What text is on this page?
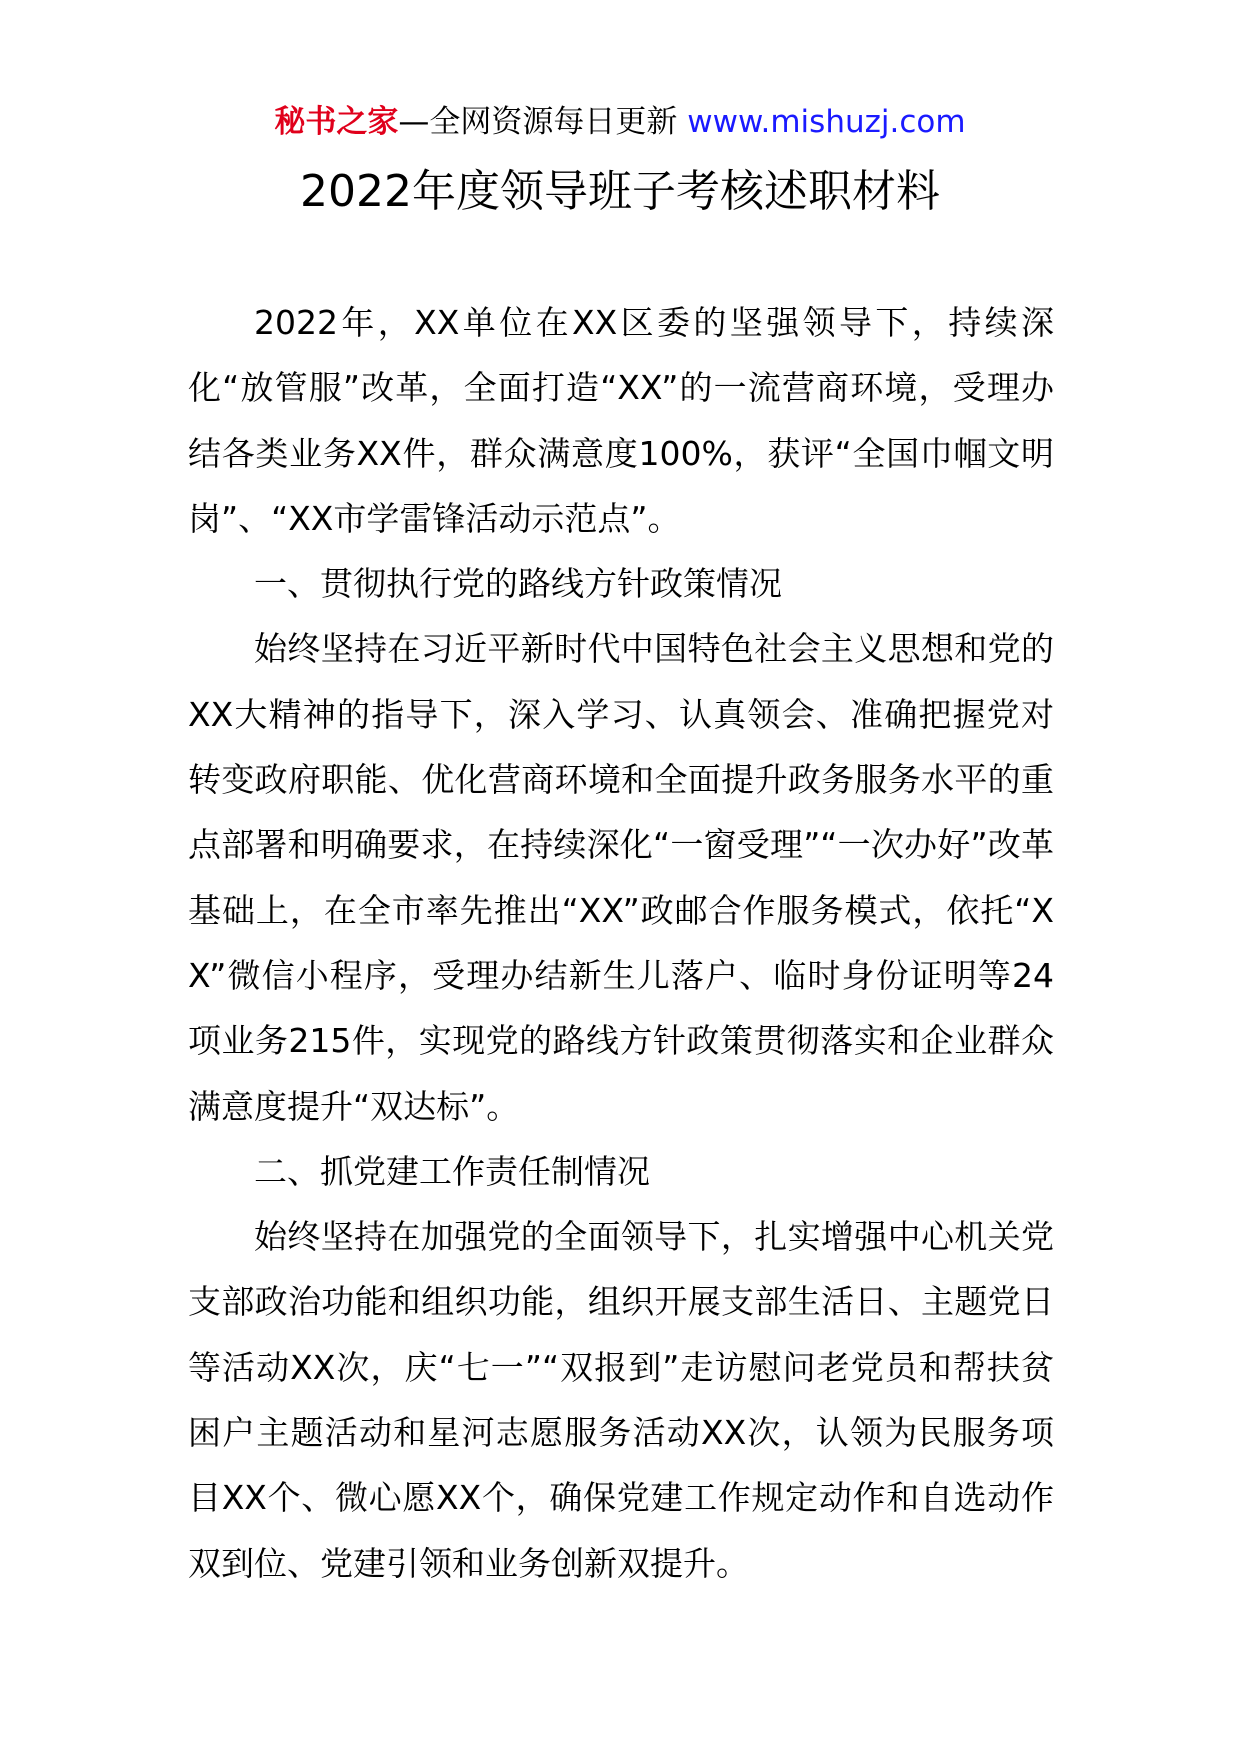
秘书之家—全网资源每日更新 www.mishuzj.com
2022年度领导班子考核述职材料

2022年，XX单位在XX区委的坚强领导下，持续深化“放管服”改革，全面打造“XX”的一流营商环境，受理办结各类业务XX件，群众满意度100%，获评“全国巾帼文明岗”、“XX市学雷锋活动示范点”。

一、贯彻执行党的路线方针政策情况

始终坚持在习近平新时代中国特色社会主义思想和党的XX大精神的指导下，深入学习、认真领会、准确把握党对转变政府职能、优化营商环境和全面提升政务服务水平的重点部署和明确要求，在持续深化“一窗受理”“一次办好”改革基础上，在全市率先推出“XX”政邮合作服务模式，依托“XX”微信小程序，受理办结新生儿落户、临时身份证明等24项业务215件，实现党的路线方针政策贯彻落实和企业群众满意度提升“双达标”。

二、抓党建工作责任制情况

始终坚持在加强党的全面领导下，扎实增强中心机关党支部政治功能和组织功能，组织开展支部生活日、主题党日等活动XX次，庆“七一”“双报到”走访慰问老党员和帮扶贫困户主题活动和星河志愿服务活动XX次，认领为民服务项目XX个、微心愿XX个，确保党建工作规定动作和自选动作双到位、党建引领和业务创新双提升。
